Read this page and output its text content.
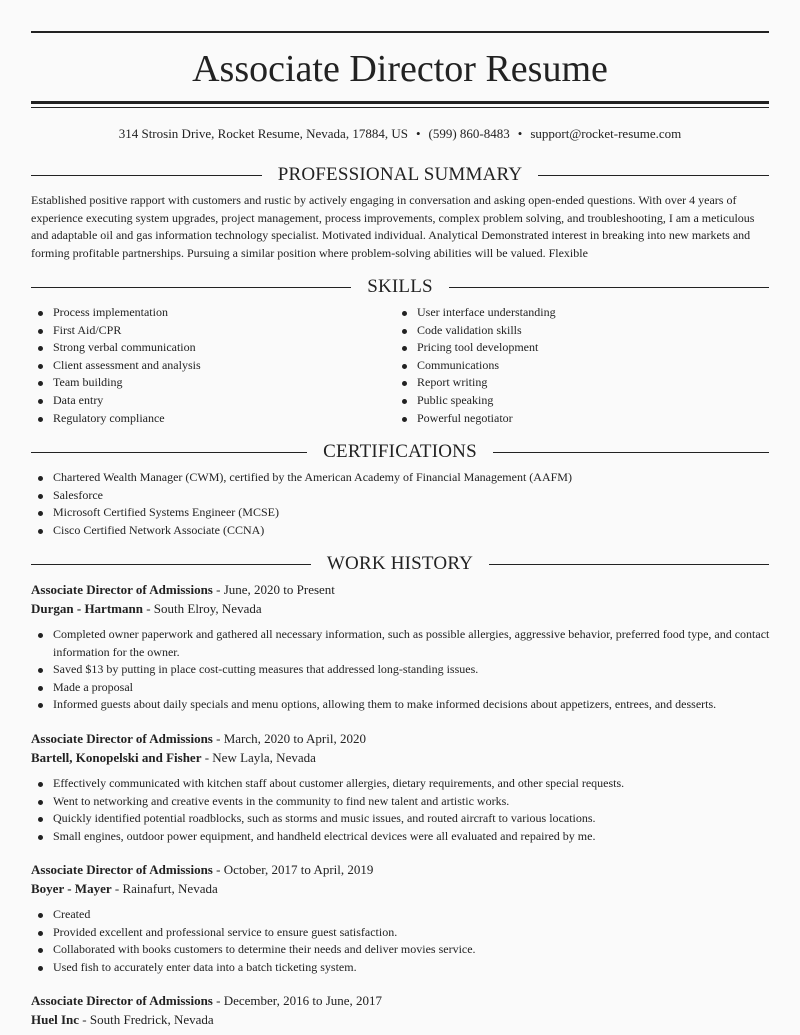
Associate Director Resume
314 Strosin Drive, Rocket Resume, Nevada, 17884, US • (599) 860-8483 • support@rocket-resume.com
PROFESSIONAL SUMMARY
Established positive rapport with customers and rustic by actively engaging in conversation and asking open-ended questions. With over 4 years of experience executing system upgrades, project management, process improvements, complex problem solving, and troubleshooting, I am a meticulous and adaptable oil and gas information technology specialist. Motivated individual. Analytical Demonstrated interest in breaking into new markets and forming profitable partnerships. Pursuing a similar position where problem-solving abilities will be valued. Flexible
SKILLS
Process implementation
First Aid/CPR
Strong verbal communication
Client assessment and analysis
Team building
Data entry
Regulatory compliance
User interface understanding
Code validation skills
Pricing tool development
Communications
Report writing
Public speaking
Powerful negotiator
CERTIFICATIONS
Chartered Wealth Manager (CWM), certified by the American Academy of Financial Management (AAFM)
Salesforce
Microsoft Certified Systems Engineer (MCSE)
Cisco Certified Network Associate (CCNA)
WORK HISTORY
Associate Director of Admissions - June, 2020 to Present
Durgan - Hartmann - South Elroy, Nevada
Completed owner paperwork and gathered all necessary information, such as possible allergies, aggressive behavior, preferred food type, and contact information for the owner.
Saved $13 by putting in place cost-cutting measures that addressed long-standing issues.
Made a proposal
Informed guests about daily specials and menu options, allowing them to make informed decisions about appetizers, entrees, and desserts.
Associate Director of Admissions - March, 2020 to April, 2020
Bartell, Konopelski and Fisher - New Layla, Nevada
Effectively communicated with kitchen staff about customer allergies, dietary requirements, and other special requests.
Went to networking and creative events in the community to find new talent and artistic works.
Quickly identified potential roadblocks, such as storms and music issues, and routed aircraft to various locations.
Small engines, outdoor power equipment, and handheld electrical devices were all evaluated and repaired by me.
Associate Director of Admissions - October, 2017 to April, 2019
Boyer - Mayer - Rainafurt, Nevada
Created
Provided excellent and professional service to ensure guest satisfaction.
Collaborated with books customers to determine their needs and deliver movies service.
Used fish to accurately enter data into a batch ticketing system.
Associate Director of Admissions - December, 2016 to June, 2017
Huel Inc - South Fredrick, Nevada
